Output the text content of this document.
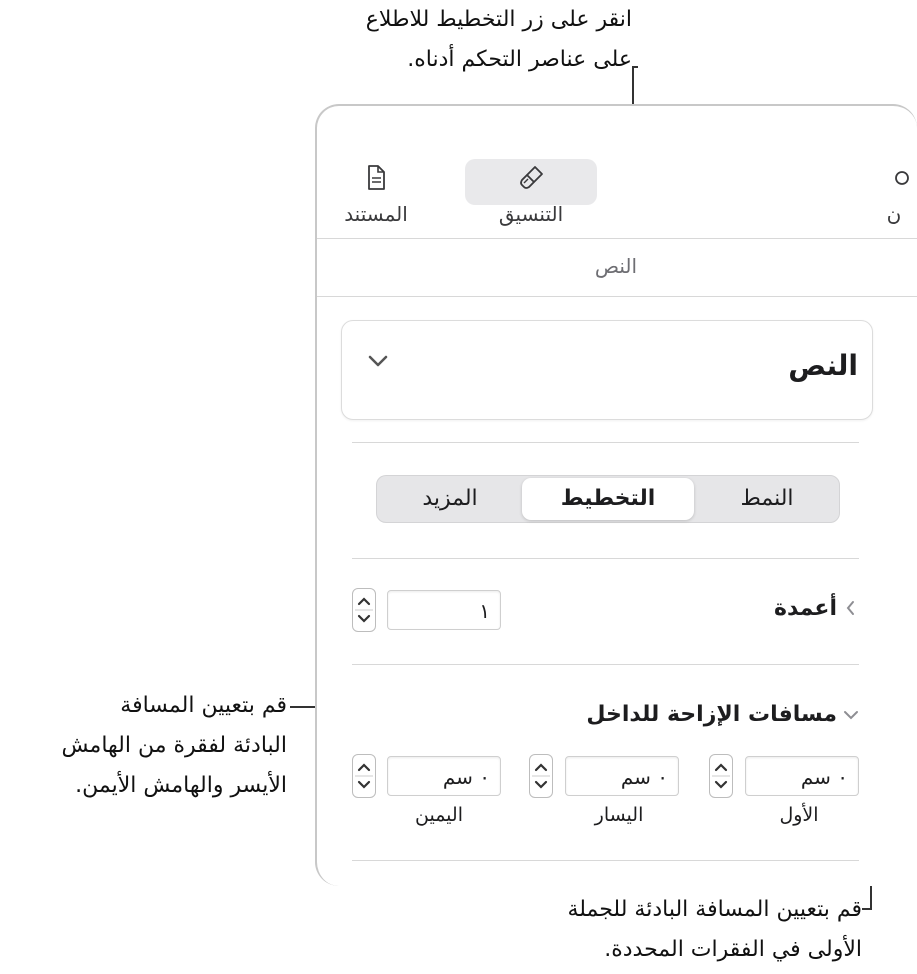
انقر على زر التخطيط للاطلاع
على عناصر التحكم أدناه.
قم بتعيين المسافة
البادئة لفقرة من الهامش
الأيسر والهامش الأيمن.
قم بتعيين المسافة البادئة للجملة
الأولى في الفقرات المحددة.
المستند	التنسيق	ن
النص
النص
المزيد	التخطيط	النمط
أعمدة
١
مسافات الإزاحة للداخل
٠ سم
الأول
٠ سم
اليسار
٠ سم
اليمين
